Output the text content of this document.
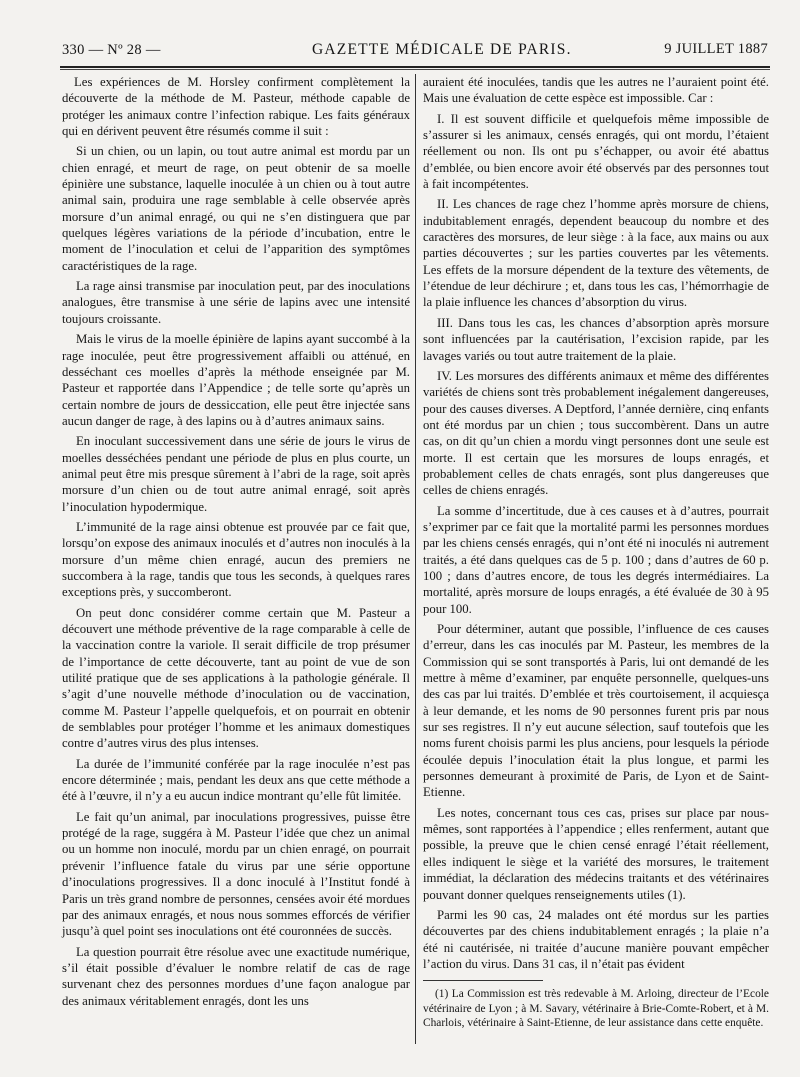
330 — Nº 28 —	GAZETTE MÉDICALE DE PARIS.	9 JUILLET 1887

Les expériences de M. Horsley confirment complètement la découverte de la méthode de M. Pasteur, méthode capable de protéger les animaux contre l’infection rabique. Les faits généraux qui en dérivent peuvent être résumés comme il suit :

Si un chien, ou un lapin, ou tout autre animal est mordu par un chien enragé, et meurt de rage, on peut obtenir de sa moelle épinière une substance, laquelle inoculée à un chien ou à tout autre animal sain, produira une rage semblable à celle observée après morsure d’un animal enragé, ou qui ne s’en distinguera que par quelques légères variations de la période d’incubation, entre le moment de l’inoculation et celui de l’apparition des symptômes caractéristiques de la rage.

La rage ainsi transmise par inoculation peut, par des inoculations analogues, être transmise à une série de lapins avec une intensité toujours croissante.

Mais le virus de la moelle épinière de lapins ayant succombé à la rage inoculée, peut être progressivement affaibli ou atténué, en desséchant ces moelles d’après la méthode enseignée par M. Pasteur et rapportée dans l’Appendice ; de telle sorte qu’après un certain nombre de jours de dessiccation, elle peut être injectée sans aucun danger de rage, à des lapins ou à d’autres animaux sains.

En inoculant successivement dans une série de jours le virus de moelles desséchées pendant une période de plus en plus courte, un animal peut être mis presque sûrement à l’abri de la rage, soit après morsure d’un chien ou de tout autre animal enragé, soit après l’inoculation hypodermique.

L’immunité de la rage ainsi obtenue est prouvée par ce fait que, lorsqu’on expose des animaux inoculés et d’autres non inoculés à la morsure d’un même chien enragé, aucun des premiers ne succombera à la rage, tandis que tous les seconds, à quelques rares exceptions près, y succomberont.

On peut donc considérer comme certain que M. Pasteur a découvert une méthode préventive de la rage comparable à celle de la vaccination contre la variole. Il serait difficile de trop présumer de l’importance de cette découverte, tant au point de vue de son utilité pratique que de ses applications à la pathologie générale. Il s’agit d’une nouvelle méthode d’inoculation ou de vaccination, comme M. Pasteur l’appelle quelquefois, et on pourrait en obtenir de semblables pour protéger l’homme et les animaux domestiques contre d’autres virus des plus intenses.

La durée de l’immunité conférée par la rage inoculée n’est pas encore déterminée ; mais, pendant les deux ans que cette méthode a été à l’œuvre, il n’y a eu aucun indice montrant qu’elle fût limitée.

Le fait qu’un animal, par inoculations progressives, puisse être protégé de la rage, suggéra à M. Pasteur l’idée que chez un animal ou un homme non inoculé, mordu par un chien enragé, on pourrait prévenir l’influence fatale du virus par une série opportune d’inoculations progressives. Il a donc inoculé à l’Institut fondé à Paris un très grand nombre de personnes, censées avoir été mordues par des animaux enragés, et nous nous sommes efforcés de vérifier jusqu’à quel point ses inoculations ont été couronnées de succès.

La question pourrait être résolue avec une exactitude numérique, s’il était possible d’évaluer le nombre relatif de cas de rage survenant chez des personnes mordues d’une façon analogue par des animaux véritablement enragés, dont les uns

auraient été inoculées, tandis que les autres ne l’auraient point été. Mais une évaluation de cette espèce est impossible. Car :

I. Il est souvent difficile et quelquefois même impossible de s’assurer si les animaux, censés enragés, qui ont mordu, l’étaient réellement ou non. Ils ont pu s’échapper, ou avoir été abattus d’emblée, ou bien encore avoir été observés par des personnes tout à fait incompétentes.

II. Les chances de rage chez l’homme après morsure de chiens, indubitablement enragés, dependent beaucoup du nombre et des caractères des morsures, de leur siège : à la face, aux mains ou aux parties découvertes ; sur les parties couvertes par les vêtements. Les effets de la morsure dépendent de la texture des vêtements, de l’étendue de leur déchirure ; et, dans tous les cas, l’hémorrhagie de la plaie influence les chances d’absorption du virus.

III. Dans tous les cas, les chances d’absorption après morsure sont influencées par la cautérisation, l’excision rapide, par les lavages variés ou tout autre traitement de la plaie.

IV. Les morsures des différents animaux et même des différentes variétés de chiens sont très probablement inégalement dangereuses, pour des causes diverses. A Deptford, l’année dernière, cinq enfants ont été mordus par un chien ; tous succombèrent. Dans un autre cas, on dit qu’un chien a mordu vingt personnes dont une seule est morte. Il est certain que les morsures de loups enragés, et probablement celles de chats enragés, sont plus dangereuses que celles de chiens enragés.

La somme d’incertitude, due à ces causes et à d’autres, pourrait s’exprimer par ce fait que la mortalité parmi les personnes mordues par les chiens censés enragés, qui n’ont été ni inoculés ni autrement traités, a été dans quelques cas de 5 p. 100 ; dans d’autres de 60 p. 100 ; dans d’autres encore, de tous les degrés intermédiaires. La mortalité, après morsure de loups enragés, a été évaluée de 30 à 95 pour 100.

Pour déterminer, autant que possible, l’influence de ces causes d’erreur, dans les cas inoculés par M. Pasteur, les membres de la Commission qui se sont transportés à Paris, lui ont demandé de les mettre à même d’examiner, par enquête personnelle, quelques-uns des cas par lui traités. D’emblée et très courtoisement, il acquiesça à leur demande, et les noms de 90 personnes furent pris par nous sur ses registres. Il n’y eut aucune sélection, sauf toutefois que les noms furent choisis parmi les plus anciens, pour lesquels la période écoulée depuis l’inoculation était la plus longue, et parmi les personnes demeurant à proximité de Paris, de Lyon et de Saint-Etienne.

Les notes, concernant tous ces cas, prises sur place par nous-mêmes, sont rapportées à l’appendice ; elles renferment, autant que possible, la preuve que le chien censé enragé l’était réellement, elles indiquent le siège et la variété des morsures, le traitement immédiat, la déclaration des médecins traitants et des vétérinaires pouvant donner quelques renseignements utiles (1).

Parmi les 90 cas, 24 malades ont été mordus sur les parties découvertes par des chiens indubitablement enragés ; la plaie n’a été ni cautérisée, ni traitée d’aucune manière pouvant empêcher l’action du virus. Dans 31 cas, il n’était pas évident

(1) La Commission est très redevable à M. Arloing, directeur de l’Ecole vétérinaire de Lyon ; à M. Savary, vétérinaire à Brie-Comte-Robert, et à M. Charlois, vétérinaire à Saint-Etienne, de leur assistance dans cette enquête.
